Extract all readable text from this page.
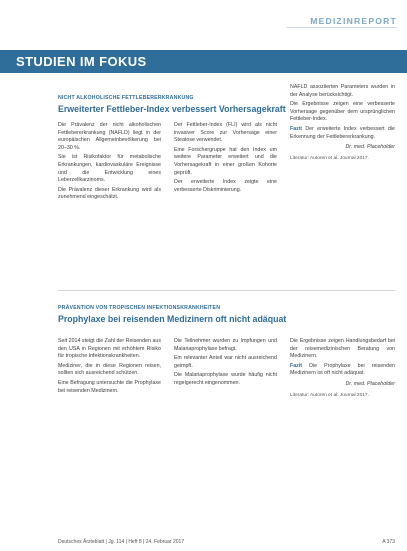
MEDIZINREPORT
STUDIEN IM FOKUS
NICHT ALKOHOLISCHE FETTLEBERERKRANKUNG
Erweiterter Fettleber-Index verbessert Vorhersagekraft

Die Prävalenz der nicht alkoholischen Fettlebererkrankung (NAFLD) liegt in der europäischen Allgemeinbevölkerung bei 20–30 %.

Sie ist Risikofaktor für metabolische Erkrankungen, kardiovaskuläre Ereignisse und die Entwicklung eines Leberzellkarzinoms.

Die Prävalenz dieser Erkrankung wird als zunehmend eingeschätzt.

Der Fettleber-Index (FLI) wird als nicht invasiver Score zur Vorhersage einer Steatose verwendet.

Eine Forschergruppe hat den Index um weitere Parameter erweitert und die Vorhersagekraft in einer großen Kohorte geprüft.

Der erweiterte Index zeigte eine verbesserte Diskriminierung.

NAFLD assoziierten Parameters wurden in der Analyse berücksichtigt.

Die Ergebnisse zeigen eine verbesserte Vorhersage gegenüber dem ursprünglichen Fettleber-Index.

Fazit Der erweiterte Index verbessert die Erkennung der Fettlebererkrankung.

Dr. med. Placeholder
Literatur: Autoren et al. Journal 2017.
PRÄVENTION VON TROPISCHEN INFEKTIONSKRANKHEITEN
Prophylaxe bei reisenden Medizinern oft nicht adäquat

Seit 2014 steigt die Zahl der Reisenden aus den USA in Regionen mit erhöhtem Risiko für tropische Infektionskrankheiten.

Mediziner, die in diese Regionen reisen, sollten sich ausreichend schützen.

Eine Befragung untersuchte die Prophylaxe bei reisenden Medizinern.

Die Teilnehmer wurden zu Impfungen und Malariaprophylaxe befragt.

Ein relevanter Anteil war nicht ausreichend geimpft.

Die Malariaprophylaxe wurde häufig nicht regelgerecht eingenommen.

Die Ergebnisse zeigen Handlungsbedarf bei der reisemedizinischen Beratung von Medizinern.

Fazit Die Prophylaxe bei reisenden Medizinern ist oft nicht adäquat.

Dr. med. Placeholder
Literatur: Autoren et al. Journal 2017.
Deutsches Ärzteblatt | Jg. 114 | Heft 8 | 24. Februar 2017	A 373
